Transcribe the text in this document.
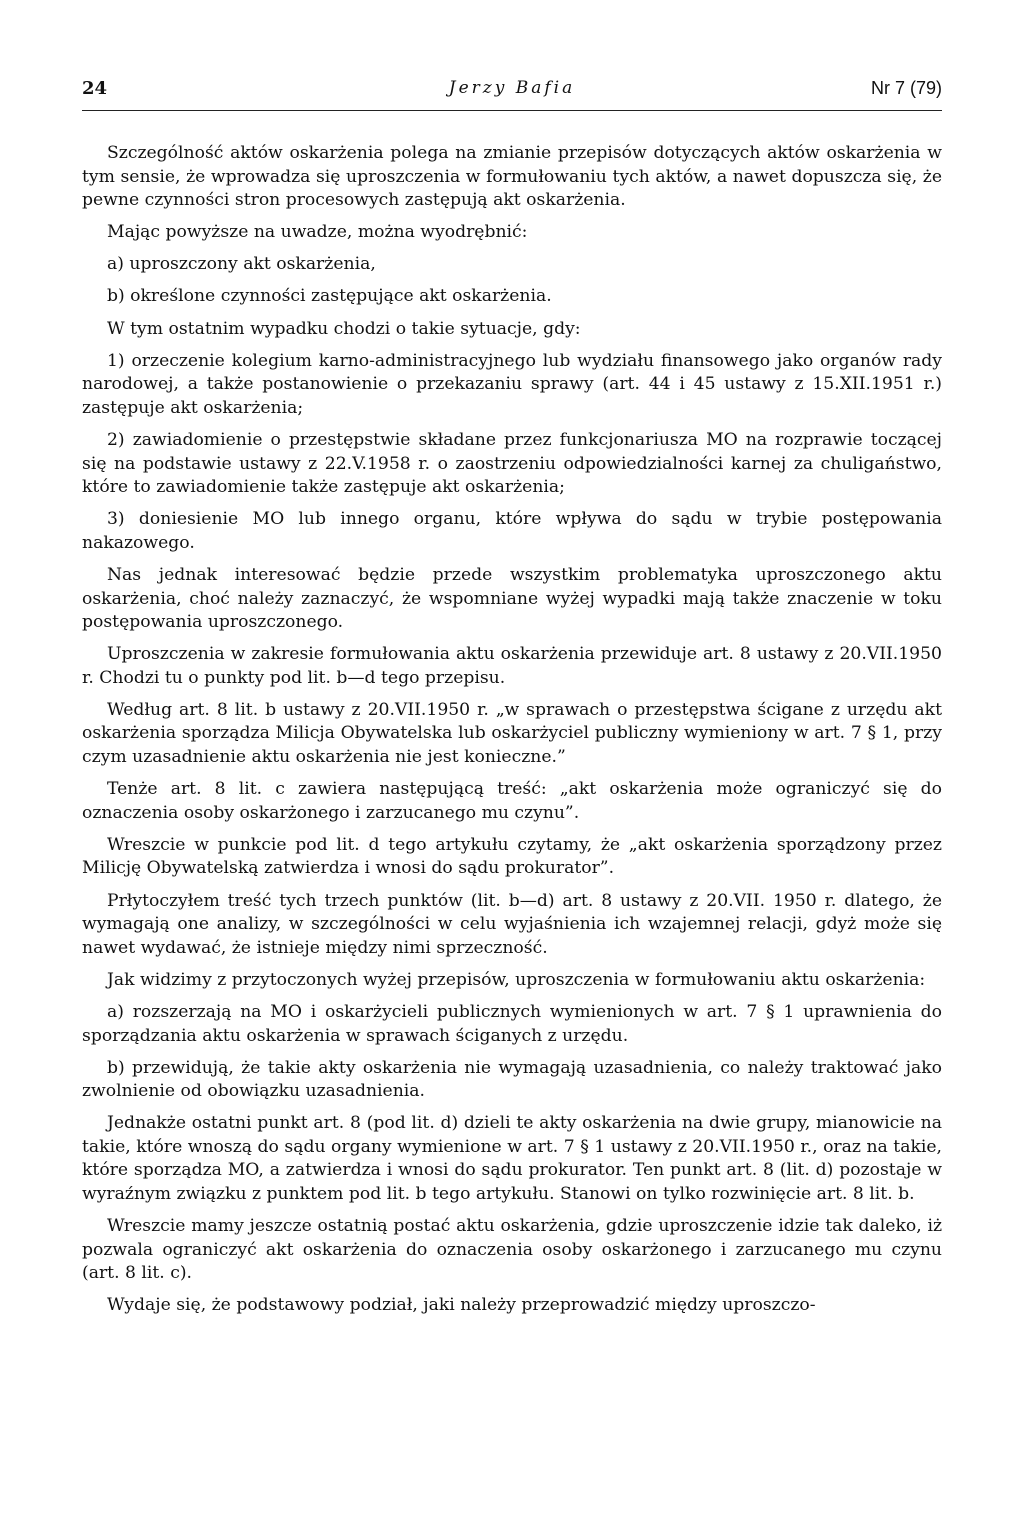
24	Jerzy Bafia	Nr 7 (79)

Szczególność aktów oskarżenia polega na zmianie przepisów dotyczących aktów oskarżenia w tym sensie, że wprowadza się uproszczenia w formułowaniu tych aktów, a nawet dopuszcza się, że pewne czynności stron procesowych zastępują akt oskarżenia.

Mając powyższe na uwadze, można wyodrębnić:

a) uproszczony akt oskarżenia,

b) określone czynności zastępujące akt oskarżenia.

W tym ostatnim wypadku chodzi o takie sytuacje, gdy:

1) orzeczenie kolegium karno-administracyjnego lub wydziału finansowego jako organów rady narodowej, a także postanowienie o przekazaniu sprawy (art. 44 i 45 ustawy z 15.XII.1951 r.) zastępuje akt oskarżenia;

2) zawiadomienie o przestępstwie składane przez funkcjonariusza MO na rozprawie toczącej się na podstawie ustawy z 22.V.1958 r. o zaostrzeniu odpowiedzialności karnej za chuligaństwo, które to zawiadomienie także zastępuje akt oskarżenia;

3) doniesienie MO lub innego organu, które wpływa do sądu w trybie postępowania nakazowego.

Nas jednak interesować będzie przede wszystkim problematyka uproszczonego aktu oskarżenia, choć należy zaznaczyć, że wspomniane wyżej wypadki mają także znaczenie w toku postępowania uproszczonego.

Uproszczenia w zakresie formułowania aktu oskarżenia przewiduje art. 8 ustawy z 20.VII.1950 r. Chodzi tu o punkty pod lit. b—d tego przepisu.

Według art. 8 lit. b ustawy z 20.VII.1950 r. „w sprawach o przestępstwa ścigane z urzędu akt oskarżenia sporządza Milicja Obywatelska lub oskarżyciel publiczny wymieniony w art. 7 § 1, przy czym uzasadnienie aktu oskarżenia nie jest konieczne.”

Tenże art. 8 lit. c zawiera następującą treść: „akt oskarżenia może ograniczyć się do oznaczenia osoby oskarżonego i zarzucanego mu czynu”.

Wreszcie w punkcie pod lit. d tego artykułu czytamy, że „akt oskarżenia sporządzony przez Milicję Obywatelską zatwierdza i wnosi do sądu prokurator”.

Prłytoczyłem treść tych trzech punktów (lit. b—d) art. 8 ustawy z 20.VII. 1950 r. dlatego, że wymagają one analizy, w szczególności w celu wyjaśnienia ich wzajemnej relacji, gdyż może się nawet wydawać, że istnieje między nimi sprzeczność.

Jak widzimy z przytoczonych wyżej przepisów, uproszczenia w formułowaniu aktu oskarżenia:

a) rozszerzają na MO i oskarżycieli publicznych wymienionych w art. 7 § 1 uprawnienia do sporządzania aktu oskarżenia w sprawach ściganych z urzędu.

b) przewidują, że takie akty oskarżenia nie wymagają uzasadnienia, co należy traktować jako zwolnienie od obowiązku uzasadnienia.

Jednakże ostatni punkt art. 8 (pod lit. d) dzieli te akty oskarżenia na dwie grupy, mianowicie na takie, które wnoszą do sądu organy wymienione w art. 7 § 1 ustawy z 20.VII.1950 r., oraz na takie, które sporządza MO, a zatwierdza i wnosi do sądu prokurator. Ten punkt art. 8 (lit. d) pozostaje w wyraźnym związku z punktem pod lit. b tego artykułu. Stanowi on tylko rozwinięcie art. 8 lit. b.

Wreszcie mamy jeszcze ostatnią postać aktu oskarżenia, gdzie uproszczenie idzie tak daleko, iż pozwala ograniczyć akt oskarżenia do oznaczenia osoby oskarżonego i zarzucanego mu czynu (art. 8 lit. c).

Wydaje się, że podstawowy podział, jaki należy przeprowadzić między uproszczo-
